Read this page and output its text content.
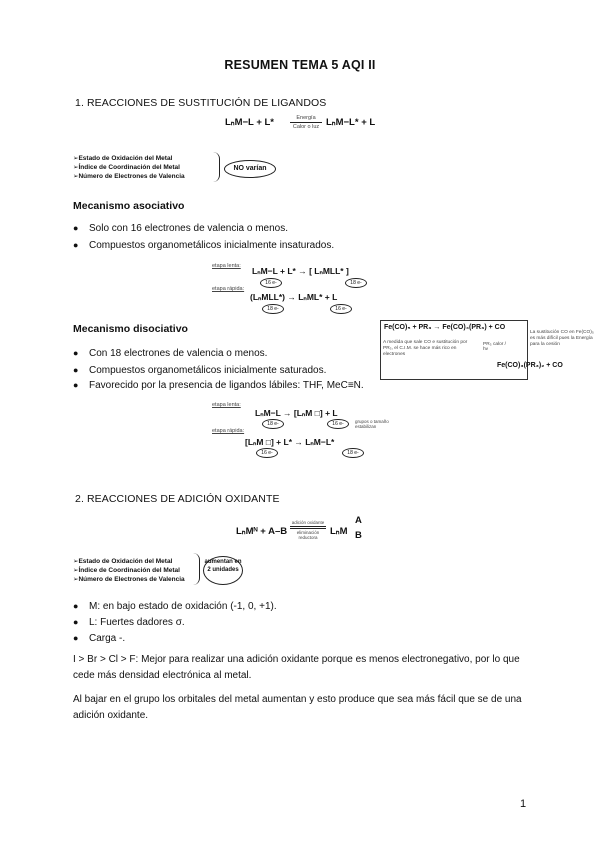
RESUMEN TEMA 5 AQI II
1. REACCIONES DE SUSTITUCIÓN DE LIGANDOS
LₙM−L + L*	Energía
Calor o luz LₙM−L* + L
➢ Estado de Oxidación del Metal
➢ Índice de Coordinación del Metal
➢ Número de Electrones de Valencia
NO varían
Mecanismo asociativo
● Solo con 16 electrones de valencia o menos.
● Compuestos organometálicos inicialmente insaturados.
etapa lenta: LₙM−L + L* → [ LₙMLL* ]
16 e-	18 e-
etapa rápida:
(LₙMLL*) → LₙML* + L
18 e-	16 e-
Mecanismo disociativo
● Con 18 electrones de valencia o menos.
● Compuestos organometálicos inicialmente saturados.
● Favorecido por la presencia de ligandos lábiles: THF, MeC≡N.
Fe(CO)₅ + PR₃ → Fe(CO)₄(PR₃) + CO
A medida que sale CO e sustitución por PR₃, el C.I.M. se hace más rico en electrones
PR₃ calor / hv
La sustitución CO en Fe(CO)₅ es más difícil pues la Energía para la cesión
Fe(CO)₃(PR₃)₂ + CO
etapa lenta:
LₙM−L → [LₙM □] + L
18 e-	16 e-	grupos o tamaño estabilizan
etapa rápida:
[LₙM □] + L* → LₙM−L*
16 e-	18 e-
2. REACCIONES DE ADICIÓN OXIDANTE
LₙMᴺ + A–B
adición oxidante
eliminación reductora
LₙM
A
B
➢ Estado de Oxidación del Metal
➢ Índice de Coordinación del Metal
➢ Número de Electrones de Valencia
aumentan en 2 unidades
● M: en bajo estado de oxidación (-1, 0, +1).
● L: Fuertes dadores σ.
● Carga -.
I > Br > Cl > F: Mejor para realizar una adición oxidante porque es menos electronegativo, por lo que cede más densidad electrónica al metal.
Al bajar en el grupo los orbitales del metal aumentan y esto produce que sea más fácil que se de una adición oxidante.
1
